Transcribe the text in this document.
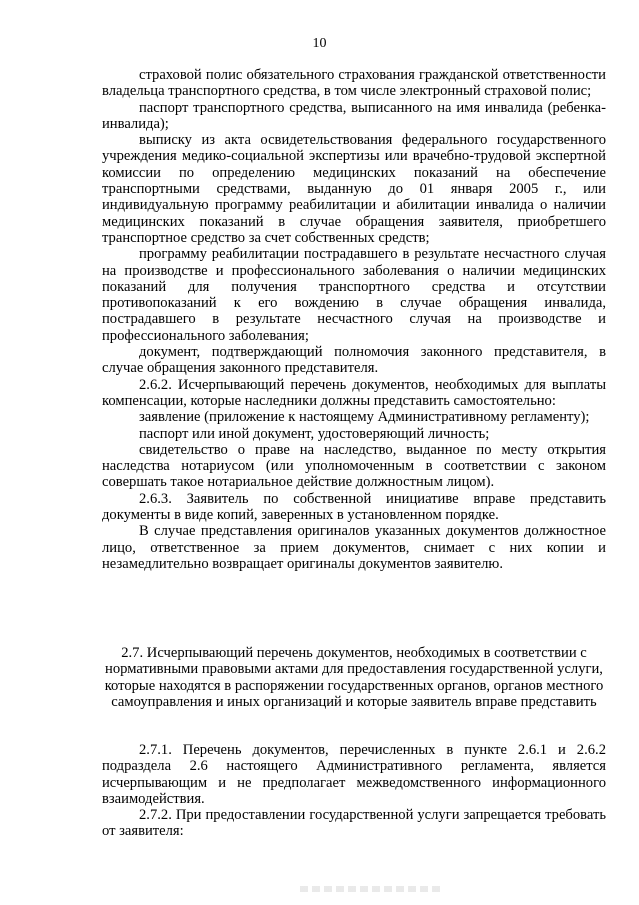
10

страховой полис обязательного страхования гражданской ответственности владельца транспортного средства, в том числе электронный страховой полис;

паспорт транспортного средства, выписанного на имя инвалида (ребенка-инвалида);

выписку из акта освидетельствования федерального государственного учреждения медико-социальной экспертизы или врачебно-трудовой экспертной комиссии по определению медицинских показаний на обеспечение транспортными средствами, выданную до 01 января 2005 г., или индивидуальную программу реабилитации и абилитации инвалида о наличии медицинских показаний в случае обращения заявителя, приобретшего транспортное средство за счет собственных средств;

программу реабилитации пострадавшего в результате несчастного случая на производстве и профессионального заболевания о наличии медицинских показаний для получения транспортного средства и отсутствии противопоказаний к его вождению в случае обращения инвалида, пострадавшего в результате несчастного случая на производстве и профессионального заболевания;

документ, подтверждающий полномочия законного представителя, в случае обращения законного представителя.

2.6.2. Исчерпывающий перечень документов, необходимых для выплаты компенсации, которые наследники должны представить самостоятельно:

заявление (приложение к настоящему Административному регламенту);

паспорт или иной документ, удостоверяющий личность;

свидетельство о праве на наследство, выданное по месту открытия наследства нотариусом (или уполномоченным в соответствии с законом совершать такое нотариальное действие должностным лицом).

2.6.3. Заявитель по собственной инициативе вправе представить документы в виде копий, заверенных в установленном порядке.

В случае представления оригиналов указанных документов должностное лицо, ответственное за прием документов, снимает с них копии и незамедлительно возвращает оригиналы документов заявителю.

2.7. Исчерпывающий перечень документов, необходимых в соответствии с нормативными правовыми актами для предоставления государственной услуги, которые находятся в распоряжении государственных органов, органов местного самоуправления и иных организаций и которые заявитель вправе представить

2.7.1. Перечень документов, перечисленных в пункте 2.6.1 и 2.6.2 подраздела 2.6 настоящего Административного регламента, является исчерпывающим и не предполагает межведомственного информационного взаимодействия.

2.7.2. При предоставлении государственной услуги запрещается требовать от заявителя:
